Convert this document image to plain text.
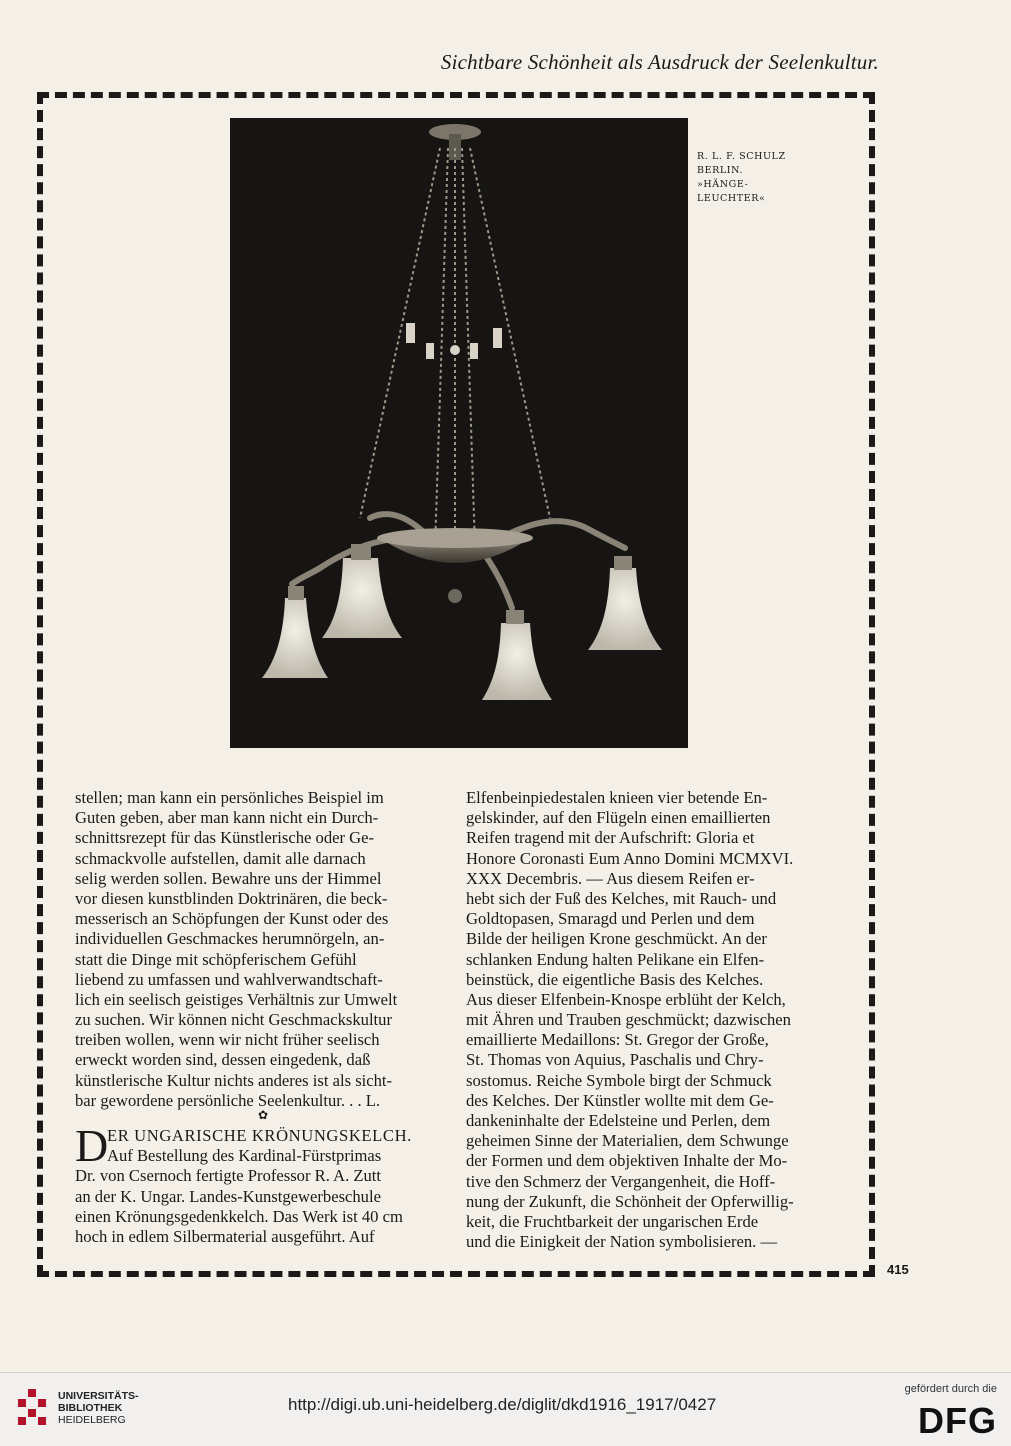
Sichtbare Schönheit als Ausdruck der Seelenkultur.
R. L. F. SCHULZ
BERLIN.
»HÄNGE-
LEUCHTER«
stellen; man kann ein persönliches Beispiel im
Guten geben, aber man kann nicht ein Durch-
schnittsrezept für das Künstlerische oder Ge-
schmackvolle aufstellen, damit alle darnach
selig werden sollen. Bewahre uns der Himmel
vor diesen kunstblinden Doktrinären, die beck-
messerisch an Schöpfungen der Kunst oder des
individuellen Geschmackes herumnörgeln, an-
statt die Dinge mit schöpferischem Gefühl
liebend zu umfassen und wahlverwandtschaft-
lich ein seelisch geistiges Verhältnis zur Umwelt
zu suchen. Wir können nicht Geschmackskultur
treiben wollen, wenn wir nicht früher seelisch
erweckt worden sind, dessen eingedenk, daß
künstlerische Kultur nichts anderes ist als sicht-
bar gewordene persönliche Seelenkultur. . . L.
✿
D
ER UNGARISCHE KRÖNUNGSKELCH.
Auf Bestellung des Kardinal-Fürstprimas
Dr. von Csernoch fertigte Professor R. A. Zutt
an der K. Ungar. Landes-Kunstgewerbeschule
einen Krönungsgedenkkelch. Das Werk ist 40 cm
hoch in edlem Silbermaterial ausgeführt. Auf
Elfenbeinpiedestalen knieen vier betende En-
gelskinder, auf den Flügeln einen emaillierten
Reifen tragend mit der Aufschrift: Gloria et
Honore Coronasti Eum Anno Domini MCMXVI.
XXX Decembris. — Aus diesem Reifen er-
hebt sich der Fuß des Kelches, mit Rauch- und
Goldtopasen, Smaragd und Perlen und dem
Bilde der heiligen Krone geschmückt. An der
schlanken Endung halten Pelikane ein Elfen-
beinstück, die eigentliche Basis des Kelches.
Aus dieser Elfenbein-Knospe erblüht der Kelch,
mit Ähren und Trauben geschmückt; dazwischen
emaillierte Medaillons: St. Gregor der Große,
St. Thomas von Aquius, Paschalis und Chry-
sostomus. Reiche Symbole birgt der Schmuck
des Kelches. Der Künstler wollte mit dem Ge-
dankeninhalte der Edelsteine und Perlen, dem
geheimen Sinne der Materialien, dem Schwunge
der Formen und dem objektiven Inhalte der Mo-
tive den Schmerz der Vergangenheit, die Hoff-
nung der Zukunft, die Schönheit der Opferwillig-
keit, die Fruchtbarkeit der ungarischen Erde
und die Einigkeit der Nation symbolisieren. —
415
UNIVERSITÄTS-
BIBLIOTHEK
HEIDELBERG
http://digi.ub.uni-heidelberg.de/diglit/dkd1916_1917/0427
gefördert durch die
DFG
